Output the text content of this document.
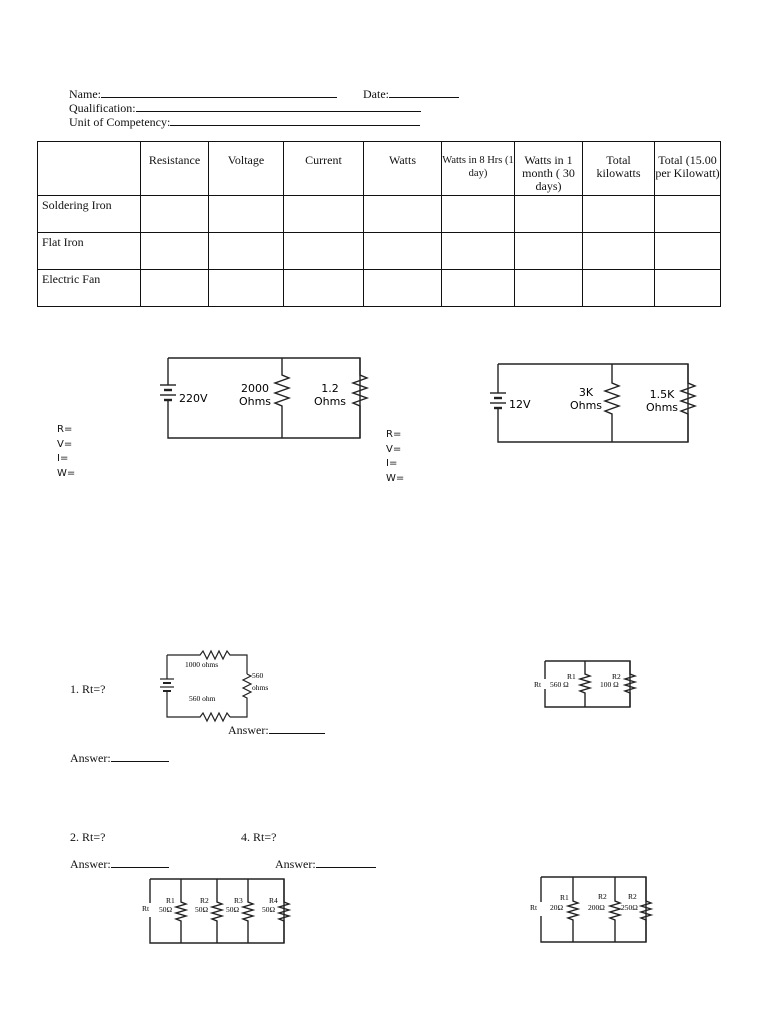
Name:	Date:
Qualification:
Unit of Competency:
	Resistance	Voltage	Current	Watts	Watts in 8 Hrs (1 day)	Watts in 1 month ( 30 days)	Total kilowatts	Total (15.00 per Kilowatt)
Soldering Iron								
Flat Iron								
Electric Fan								
220V
2000
Ohms
1.2
Ohms	12V
3K
Ohms
1.5K
Ohms
R=
V=
I=
W=
R=
V=
I=
W=
1. Rt=?
1000 ohms
560
ohms
560 ohm
Answer:
Answer:
Rt
R1
560 Ω
R2
100 Ω
2. Rt=?	4. Rt=?
Answer:	Answer:
Rt
R1
50Ω
R2
50Ω
R3
50Ω
R4
50Ω	Rt
R1
20Ω
R2
200Ω
R2
250Ω
